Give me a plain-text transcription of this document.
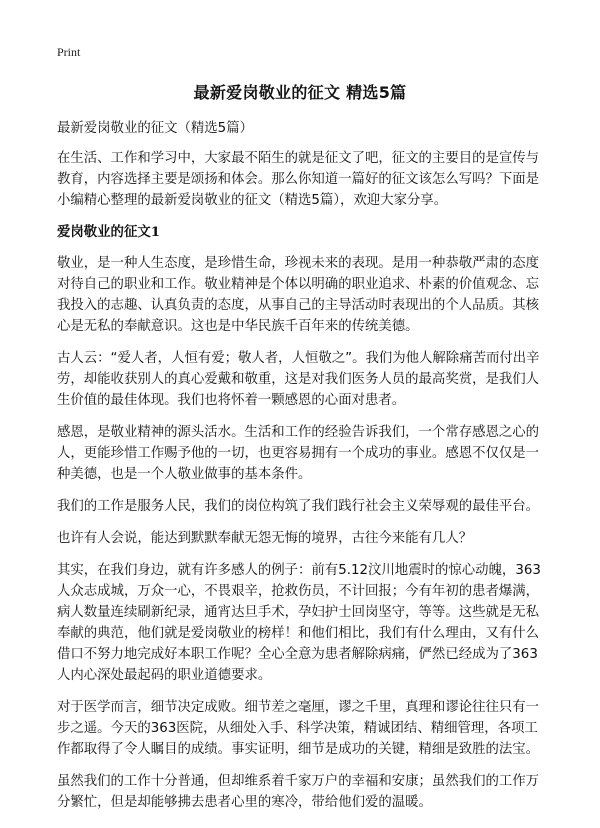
Print
最新爱岗敬业的征文 精选5篇

最新爱岗敬业的征文（精选5篇）

在生活、工作和学习中，大家最不陌生的就是征文了吧，征文的主要目的是宣传与教育，内容选择主要是颂扬和体会。那么你知道一篇好的征文该怎么写吗？下面是小编精心整理的最新爱岗敬业的征文（精选5篇），欢迎大家分享。

爱岗敬业的征文1

敬业，是一种人生态度，是珍惜生命，珍视未来的表现。是用一种恭敬严肃的态度对待自己的职业和工作。敬业精神是个体以明确的职业追求、朴素的价值观念、忘我投入的志趣、认真负责的态度，从事自己的主导活动时表现出的个人品质。其核心是无私的奉献意识。这也是中华民族千百年来的传统美德。

古人云：“爱人者，人恒有爱；敬人者，人恒敬之”。我们为他人解除痛苦而付出辛劳，却能收获别人的真心爱戴和敬重，这是对我们医务人员的最高奖赏，是我们人生价值的最佳体现。我们也将怀着一颗感恩的心面对患者。

感恩，是敬业精神的源头活水。生活和工作的经验告诉我们，一个常存感恩之心的人，更能珍惜工作赐予他的一切，也更容易拥有一个成功的事业。感恩不仅仅是一种美德，也是一个人敬业做事的基本条件。

我们的工作是服务人民，我们的岗位构筑了我们践行社会主义荣辱观的最佳平台。

也许有人会说，能达到默默奉献无怨无悔的境界，古往今来能有几人？

其实，在我们身边，就有许多感人的例子：前有5.12汶川地震时的惊心动魄，363人众志成城，万众一心，不畏艰辛，抢救伤员，不计回报；今有年初的患者爆满，病人数量连续刷新纪录，通宵达旦手术，孕妇护士回岗坚守，等等。这些就是无私奉献的典范，他们就是爱岗敬业的榜样！和他们相比，我们有什么理由，又有什么借口不努力地完成好本职工作呢？全心全意为患者解除病痛，俨然已经成为了363人内心深处最起码的职业道德要求。

对于医学而言，细节决定成败。细节差之毫厘，谬之千里，真理和谬论往往只有一步之遥。今天的363医院，从细处入手、科学决策，精诚团结、精细管理，各项工作都取得了令人瞩目的成绩。事实证明，细节是成功的关键，精细是致胜的法宝。

虽然我们的工作十分普通，但却维系着千家万户的幸福和安康；虽然我们的工作万分繁忙，但是却能够拂去患者心里的寒冷，带给他们爱的温暖。
